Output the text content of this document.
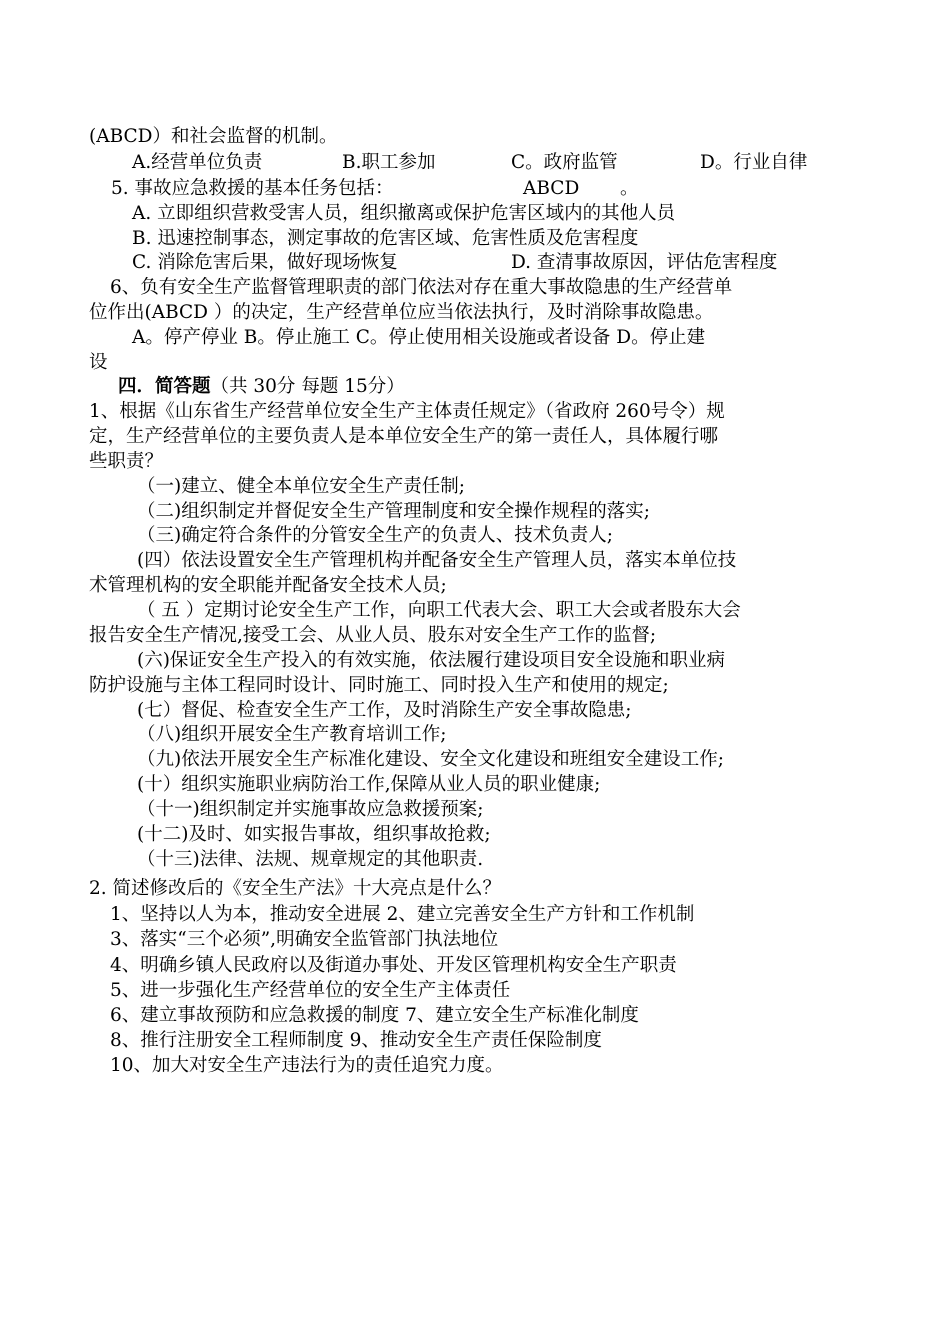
(ABCD）和社会监督的机制。
A.经营单位负责	B.职工参加	C。政府监管	D。行业自律
5. 事故应急救援的基本任务包括：	ABCD 。
A. 立即组织营救受害人员，组织撤离或保护危害区域内的其他人员
B. 迅速控制事态，测定事故的危害区域、危害性质及危害程度
C. 消除危害后果，做好现场恢复	D. 查清事故原因，评估危害程度
6、负有安全生产监督管理职责的部门依法对存在重大事故隐患的生产经营单
位作出(ABCD ）的决定，生产经营单位应当依法执行，及时消除事故隐患。
A。停产停业 B。停止施工 C。停止使用相关设施或者设备 D。停止建
设
四．简答题（共 30分 每题 15分）
1、根据《山东省生产经营单位安全生产主体责任规定》（省政府 260号令）规
定，生产经营单位的主要负责人是本单位安全生产的第一责任人，具体履行哪
些职责？
（一)建立、健全本单位安全生产责任制;
（二)组织制定并督促安全生产管理制度和安全操作规程的落实;
（三)确定符合条件的分管安全生产的负责人、技术负责人;
(四）依法设置安全生产管理机构并配备安全生产管理人员，落实本单位技
术管理机构的安全职能并配备安全技术人员;
（ 五 ）定期讨论安全生产工作，向职工代表大会、职工大会或者股东大会
报告安全生产情况,接受工会、从业人员、股东对安全生产工作的监督;
(六)保证安全生产投入的有效实施，依法履行建设项目安全设施和职业病
防护设施与主体工程同时设计、同时施工、同时投入生产和使用的规定;
(七）督促、检查安全生产工作，及时消除生产安全事故隐患;
（八)组织开展安全生产教育培训工作;
（九)依法开展安全生产标准化建设、安全文化建设和班组安全建设工作;
(十）组织实施职业病防治工作,保障从业人员的职业健康;
（十一)组织制定并实施事故应急救援预案;
(十二)及时、如实报告事故，组织事故抢救;
（十三)法律、法规、规章规定的其他职责.
2. 简述修改后的《安全生产法》十大亮点是什么？
1、坚持以人为本，推动安全进展 2、建立完善安全生产方针和工作机制
3、落实“三个必须”,明确安全监管部门执法地位
4、明确乡镇人民政府以及街道办事处、开发区管理机构安全生产职责
5、进一步强化生产经营单位的安全生产主体责任
6、建立事故预防和应急救援的制度 7、建立安全生产标准化制度
8、推行注册安全工程师制度 9、推动安全生产责任保险制度
10、加大对安全生产违法行为的责任追究力度。
